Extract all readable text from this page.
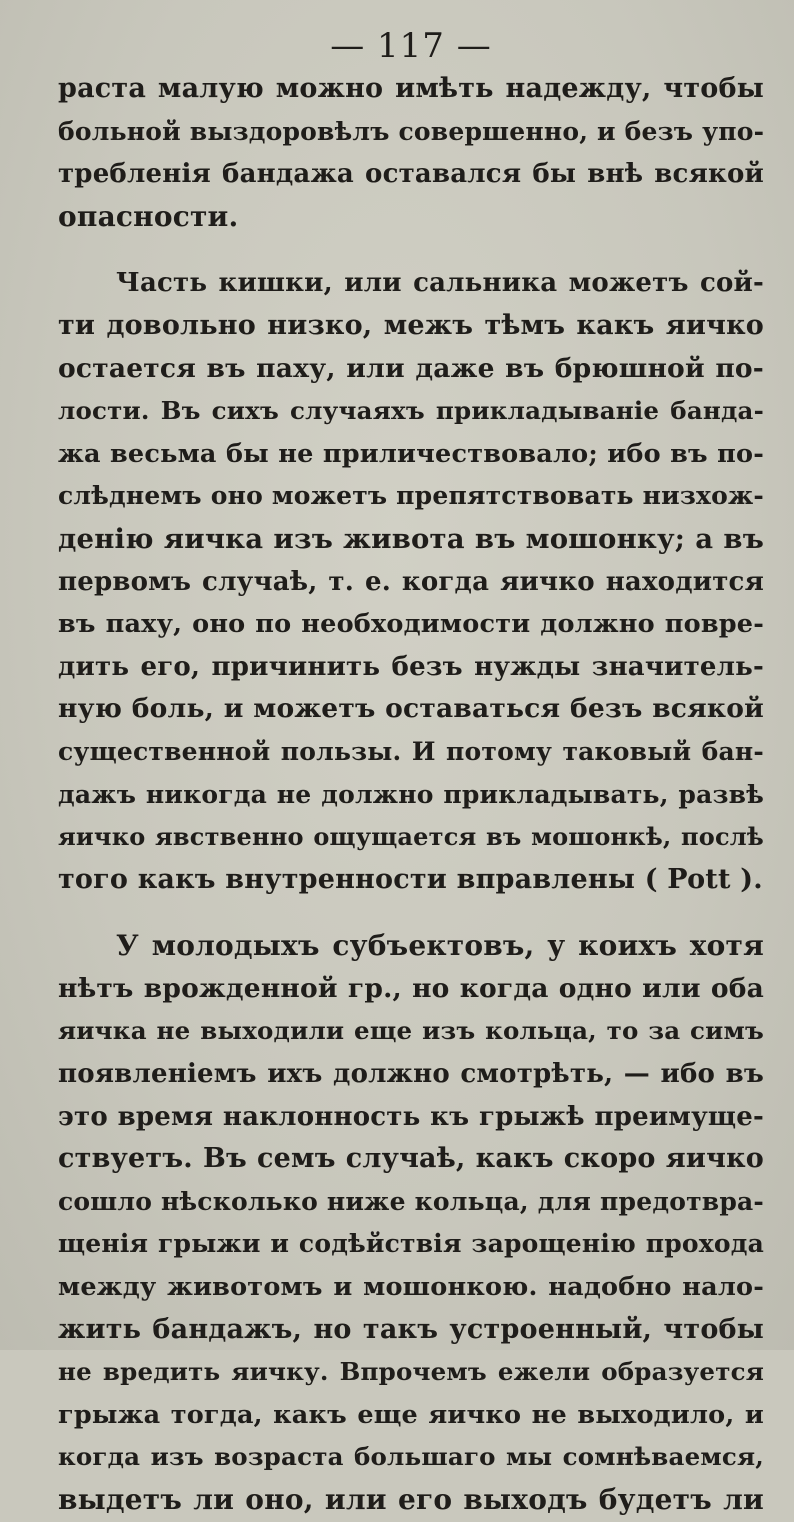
— 117 —
раста малую можно имѣть надежду, чтобы
больной выздоровѣлъ совершенно, и безъ упо-
требленія бандажа оставался бы внѣ всякой
опасности.
Часть кишки, или сальника можетъ сой-
ти довольно низко, межъ тѣмъ какъ яичко
остается въ паху, или даже въ брюшной по-
лости. Въ сихъ случаяхъ прикладываніе банда-
жа весьма бы не приличествовало; ибо въ по-
слѣднемъ оно можетъ препятствовать низхож-
денію яичка изъ живота въ мошонку; а въ
первомъ случаѣ, т. е. когда яичко находится
въ паху, оно по необходимости должно повре-
дить его, причинить безъ нужды значитель-
ную боль, и можетъ оставаться безъ всякой
существенной пользы. И потому таковый бан-
дажъ никогда не должно прикладывать, развѣ
яичко явственно ощущается въ мошонкѣ, послѣ
того какъ внутренности вправлены ( Pott ).
У молодыхъ субъектовъ, у коихъ хотя
нѣтъ врожденной гр., но когда одно или оба
яичка не выходили еще изъ кольца, то за симъ
появленіемъ ихъ должно смотрѣть, — ибо въ
это время наклонность къ грыжѣ преимуще-
ствуетъ. Въ семъ случаѣ, какъ скоро яичко
сошло нѣсколько ниже кольца, для предотвра-
щенія грыжи и содѣйствія зарощенію прохода
между животомъ и мошонкою. надобно нало-
жить бандажъ, но такъ устроенный, чтобы
не вредить яичку. Впрочемъ ежели образуется
грыжа тогда, какъ еще яичко не выходило, и
когда изъ возраста большаго мы сомнѣваемся,
выдетъ ли оно, или его выходъ будетъ ли
